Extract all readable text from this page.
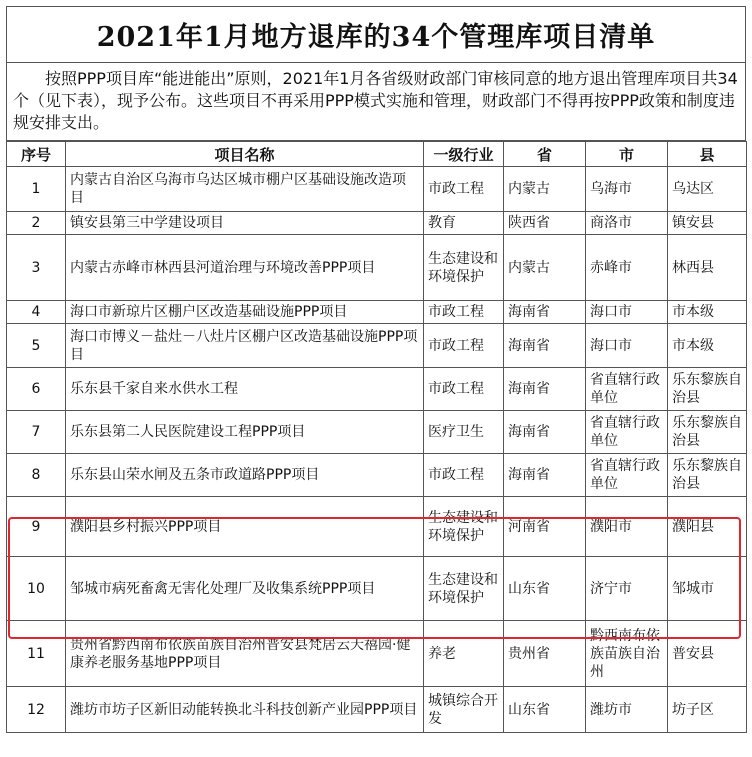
2021年1月地方退库的34个管理库项目清单
按照PPP项目库“能进能出”原则，2021年1月各省级财政部门审核同意的地方退出管理库项目共34个（见下表），现予公布。这些项目不再采用PPP模式实施和管理，财政部门不得再按PPP政策和制度违规安排支出。
序号	项目名称	一级行业	省	市	县
1	内蒙古自治区乌海市乌达区城市棚户区基础设施改造项目	市政工程	内蒙古	乌海市	乌达区
2	镇安县第三中学建设项目	教育	陕西省	商洛市	镇安县
3	内蒙古赤峰市林西县河道治理与环境改善PPP项目	生态建设和环境保护	内蒙古	赤峰市	林西县
4	海口市新琼片区棚户区改造基础设施PPP项目	市政工程	海南省	海口市	市本级
5	海口市博义－盐灶－八灶片区棚户区改造基础设施PPP项目	市政工程	海南省	海口市	市本级
6	乐东县千家自来水供水工程	市政工程	海南省	省直辖行政单位	乐东黎族自治县
7	乐东县第二人民医院建设工程PPP项目	医疗卫生	海南省	省直辖行政单位	乐东黎族自治县
8	乐东县山荣水闸及五条市政道路PPP项目	市政工程	海南省	省直辖行政单位	乐东黎族自治县
9	濮阳县乡村振兴PPP项目	生态建设和环境保护	河南省	濮阳市	濮阳县
10	邹城市病死畜禽无害化处理厂及收集系统PPP项目	生态建设和环境保护	山东省	济宁市	邹城市
11	贵州省黔西南布依族苗族自治州普安县梵居云天禧园·健康养老服务基地PPP项目	养老	贵州省	黔西南布依族苗族自治州	普安县
12	潍坊市坊子区新旧动能转换北斗科技创新产业园PPP项目	城镇综合开发	山东省	潍坊市	坊子区
